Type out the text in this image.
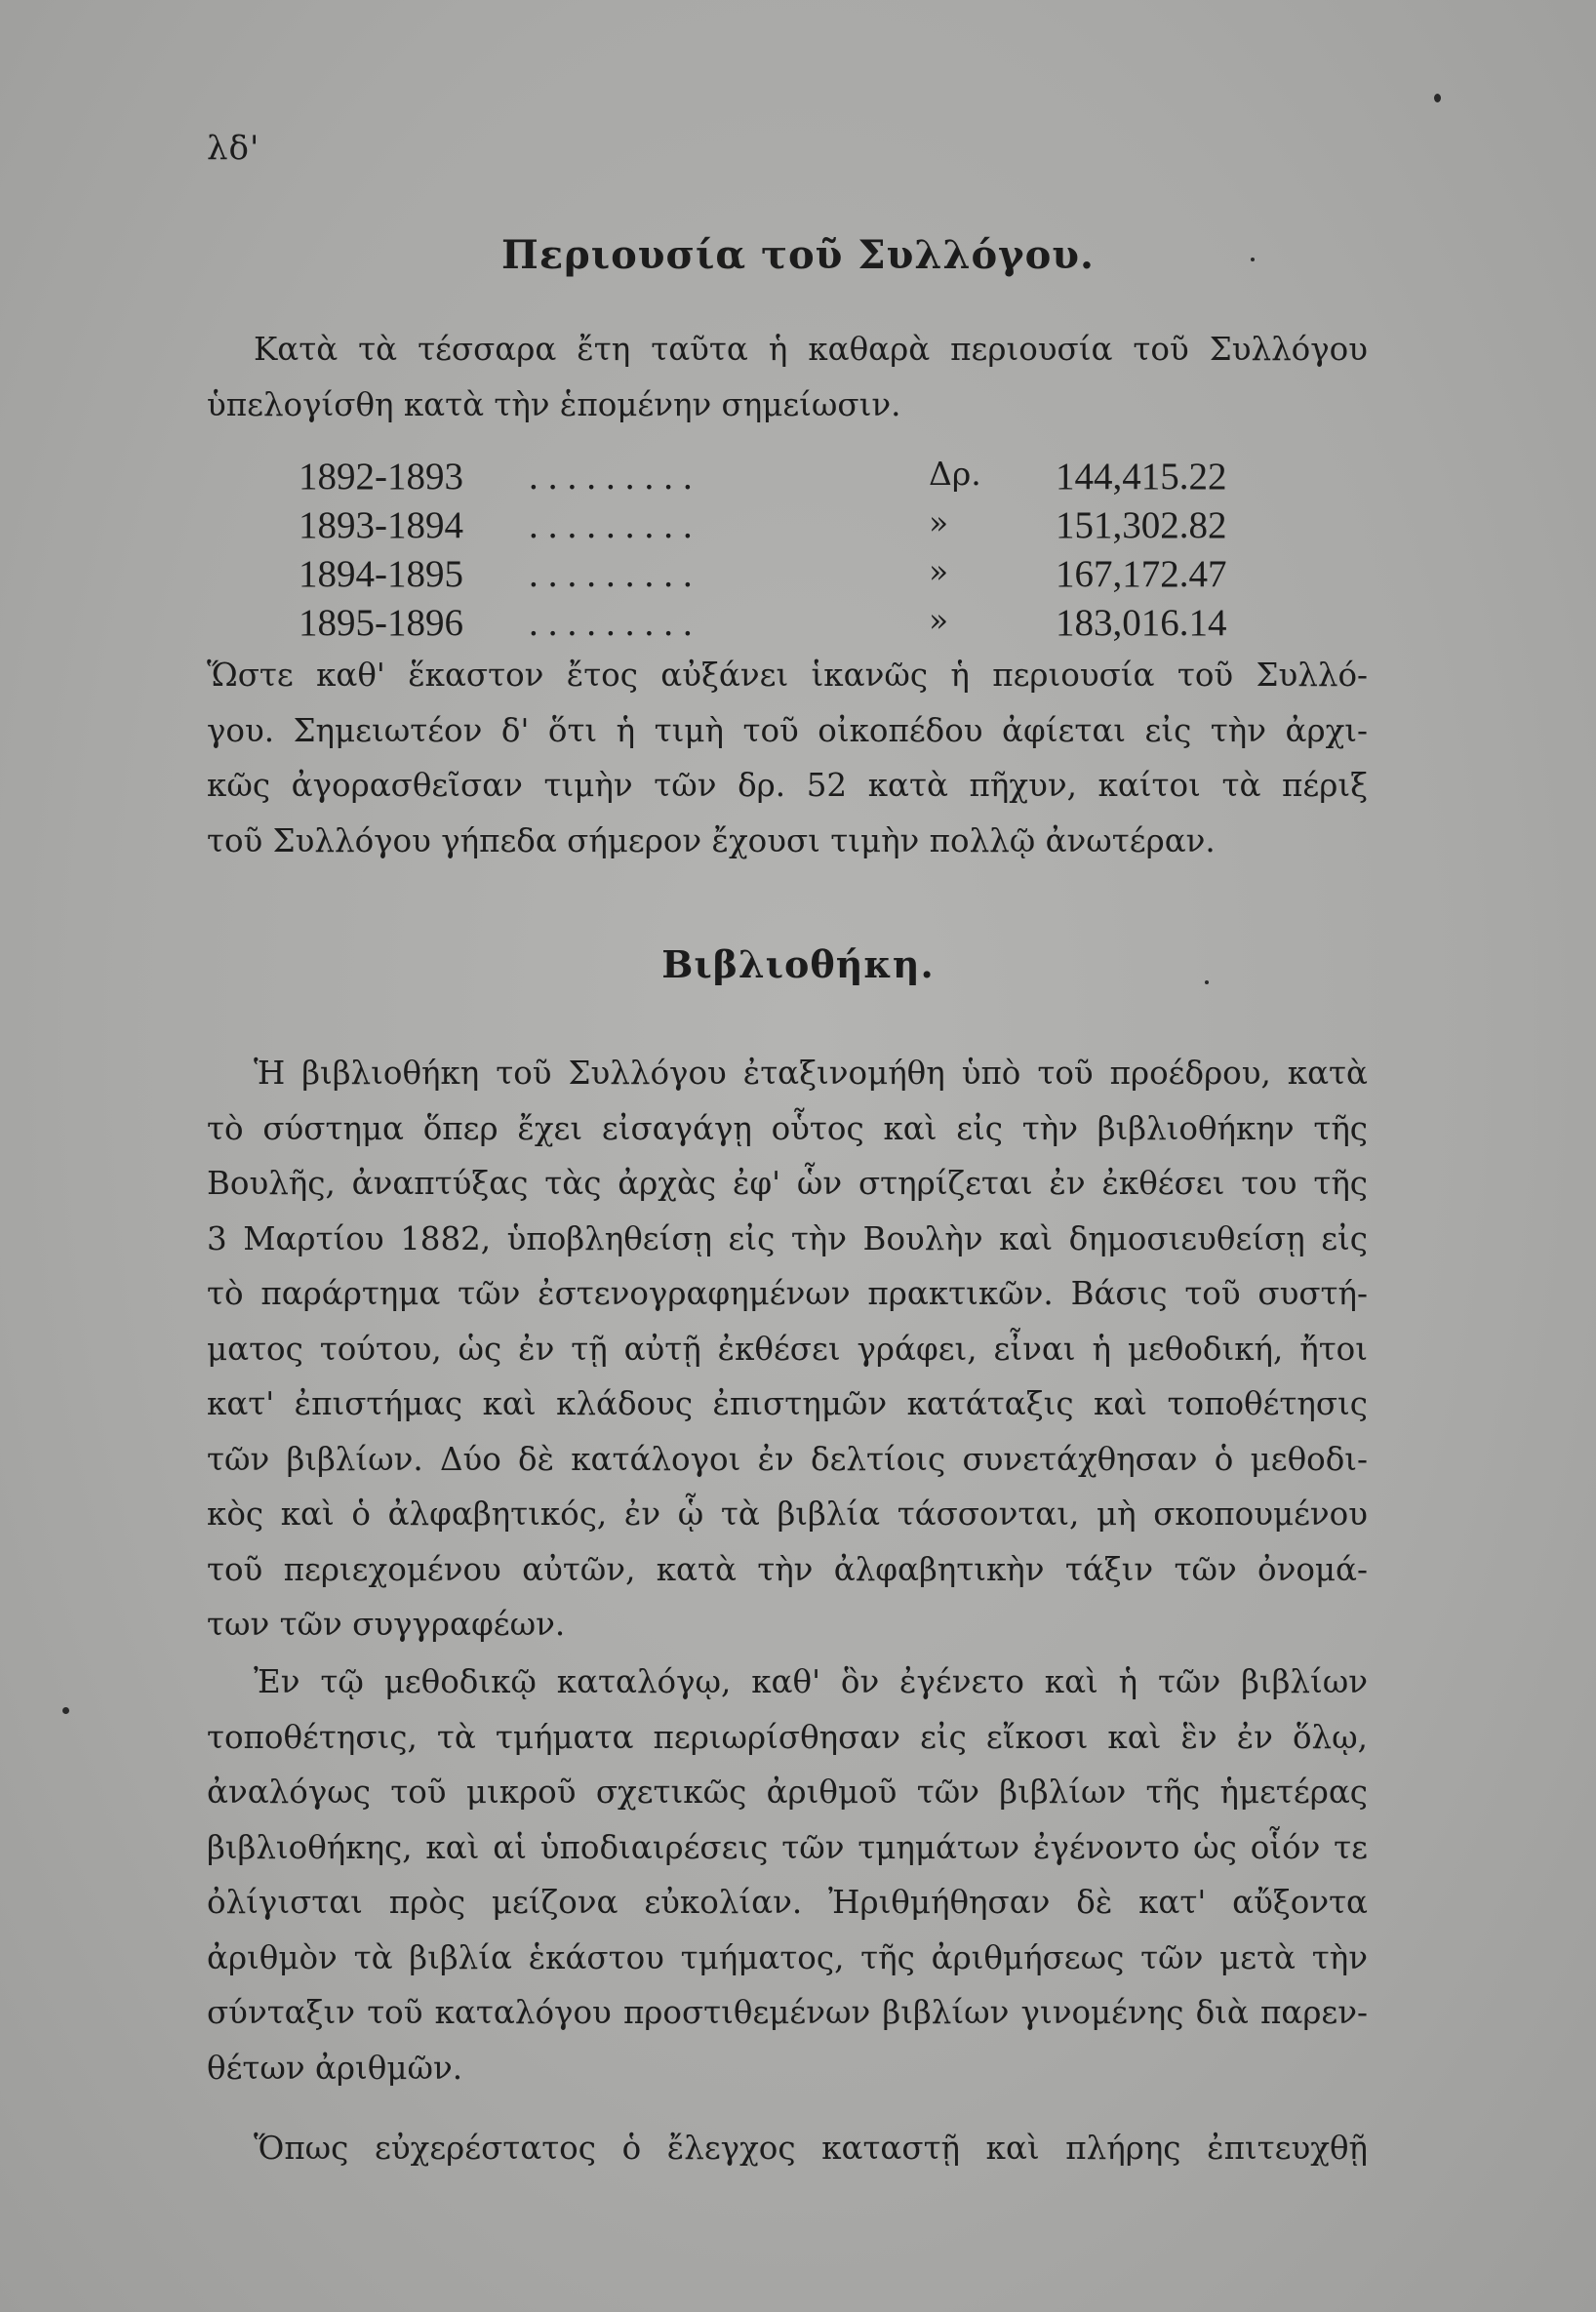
λδ'
Περιουσία τοῦ Συλλόγου.

Κατὰ τὰ τέσσαρα ἔτη ταῦτα ἡ καθαρὰ περιουσία τοῦ Συλλόγου
ὑπελογίσθη κατὰ τὴν ἑπομένην σημείωσιν.

1892-1893 .........	Δρ. 144,415.22
1893-1894 .........	»	151,302.82
1894-1895 .........	»	167,172.47
1895-1896 .........	»	183,016.14

Ὥστε καθ' ἕκαστον ἔτος αὐξάνει ἱκανῶς ἡ περιουσία τοῦ Συλλό-
γου. Σημειωτέον δ' ὅτι ἡ τιμὴ τοῦ οἰκοπέδου ἀφίεται εἰς τὴν ἀρχι-
κῶς ἀγορασθεῖσαν τιμὴν τῶν δρ. 52 κατὰ πῆχυν, καίτοι τὰ πέριξ
τοῦ Συλλόγου γήπεδα σήμερον ἔχουσι τιμὴν πολλῷ ἀνωτέραν.

Βιβλιοθήκη.

Ἡ βιβλιοθήκη τοῦ Συλλόγου ἐταξινομήθη ὑπὸ τοῦ προέδρου, κατὰ
τὸ σύστημα ὅπερ ἔχει εἰσαγάγῃ οὗτος καὶ εἰς τὴν βιβλιοθήκην τῆς
Βουλῆς, ἀναπτύξας τὰς ἀρχὰς ἐφ' ὧν στηρίζεται ἐν ἐκθέσει του τῆς
3 Μαρτίου 1882, ὑποβληθείσῃ εἰς τὴν Βουλὴν καὶ δημοσιευθείσῃ εἰς
τὸ παράρτημα τῶν ἐστενογραφημένων πρακτικῶν. Βάσις τοῦ συστή-
ματος τούτου, ὡς ἐν τῇ αὐτῇ ἐκθέσει γράφει, εἶναι ἡ μεθοδική, ἤτοι
κατ' ἐπιστήμας καὶ κλάδους ἐπιστημῶν κατάταξις καὶ τοποθέτησις
τῶν βιβλίων. Δύο δὲ κατάλογοι ἐν δελτίοις συνετάχθησαν ὁ μεθοδι-
κὸς καὶ ὁ ἀλφαβητικός, ἐν ᾧ τὰ βιβλία τάσσονται, μὴ σκοπουμένου
τοῦ περιεχομένου αὐτῶν, κατὰ τὴν ἀλφαβητικὴν τάξιν τῶν ὀνομά-
των τῶν συγγραφέων.

Ἐν τῷ μεθοδικῷ καταλόγῳ, καθ' ὃν ἐγένετο καὶ ἡ τῶν βιβλίων
τοποθέτησις, τὰ τμήματα περιωρίσθησαν εἰς εἴκοσι καὶ ἓν ἐν ὅλῳ,
ἀναλόγως τοῦ μικροῦ σχετικῶς ἀριθμοῦ τῶν βιβλίων τῆς ἡμετέρας
βιβλιοθήκης, καὶ αἱ ὑποδιαιρέσεις τῶν τμημάτων ἐγένοντο ὡς οἷόν τε
ὀλίγισται πρὸς μείζονα εὐκολίαν. Ἠριθμήθησαν δὲ κατ' αὔξοντα
ἀριθμὸν τὰ βιβλία ἑκάστου τμήματος, τῆς ἀριθμήσεως τῶν μετὰ τὴν
σύνταξιν τοῦ καταλόγου προστιθεμένων βιβλίων γινομένης διὰ παρεν-
θέτων ἀριθμῶν.

Ὅπως εὐχερέστατος ὁ ἔλεγχος καταστῇ καὶ πλήρης ἐπιτευχθῇ
